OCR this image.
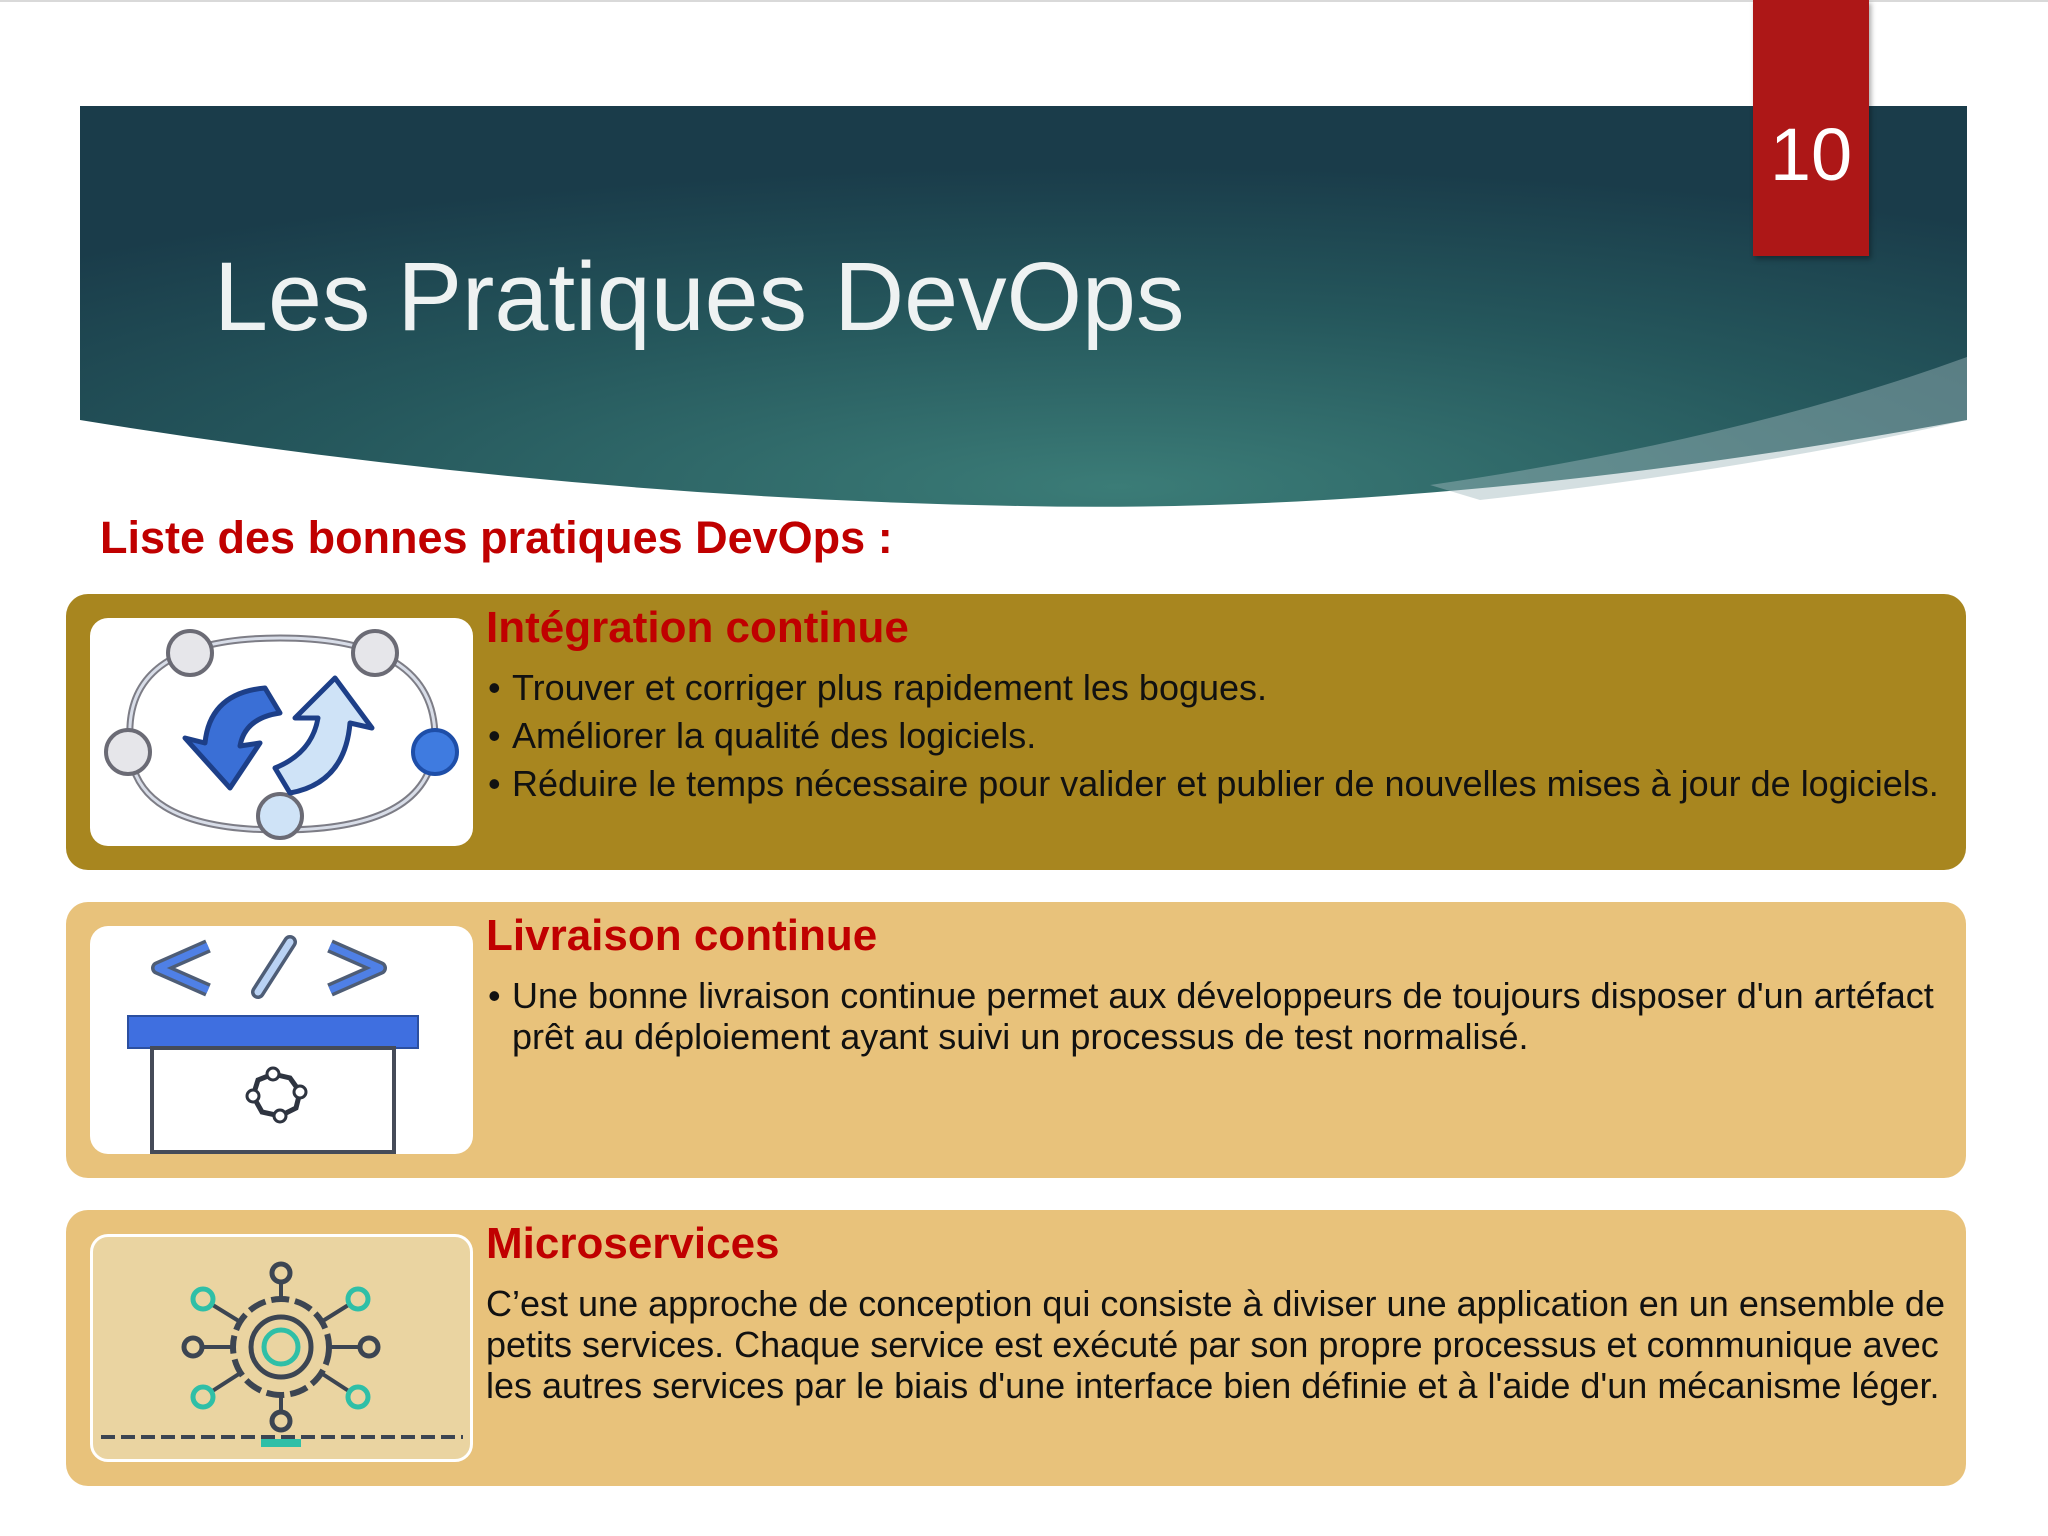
10
Les Pratiques DevOps
Liste des bonnes pratiques DevOps :
Intégration continue
• Trouver et corriger plus rapidement les bogues.
• Améliorer la qualité des logiciels.
• Réduire le temps nécessaire pour valider et publier de nouvelles mises à jour de logiciels.
Livraison continue
• Une bonne livraison continue permet aux développeurs de toujours disposer d'un artéfact prêt au déploiement ayant suivi un processus de test normalisé.
Microservices

C’est une approche de conception qui consiste à diviser une application en un ensemble de petits services. Chaque service est exécuté par son propre processus et communique avec les autres services par le biais d'une interface bien définie et à l'aide d'un mécanisme léger.
